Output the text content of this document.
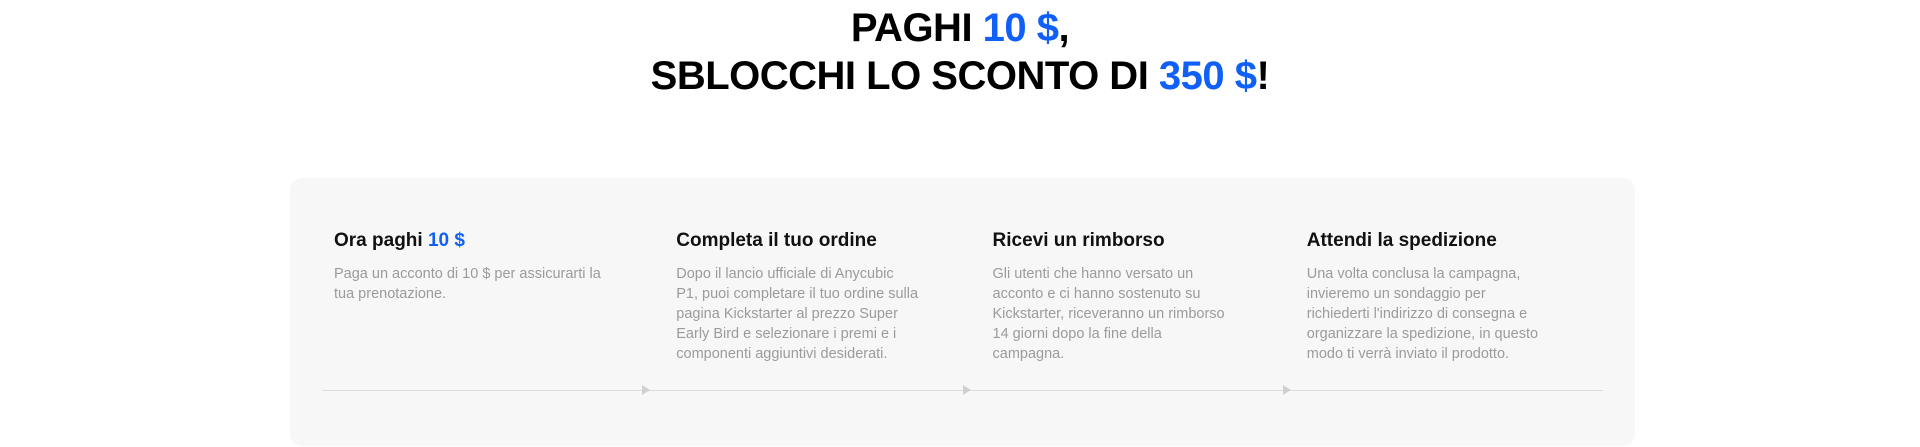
PAGHI 10 $,
SBLOCCHI LO SCONTO DI 350 $!
Ora paghi 10 $

Paga un acconto di 10 $ per assicurarti la tua prenotazione.

Completa il tuo ordine

Dopo il lancio ufficiale di Anycubic P1, puoi completare il tuo ordine sulla pagina Kickstarter al prezzo Super Early Bird e selezionare i premi e i componenti aggiuntivi desiderati.

Ricevi un rimborso

Gli utenti che hanno versato un acconto e ci hanno sostenuto su Kickstarter, riceveranno un rimborso 14 giorni dopo la fine della campagna.

Attendi la spedizione

Una volta conclusa la campagna, invieremo un sondaggio per richiederti l'indirizzo di consegna e organizzare la spedizione, in questo modo ti verrà inviato il prodotto.
